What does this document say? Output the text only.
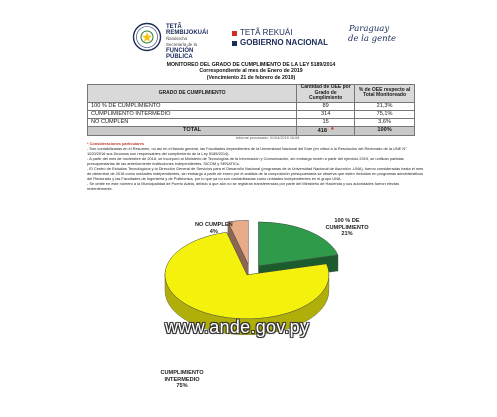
TETÃ
REMBIJOKUÁI
Ñandeicha
Secretaría de la
FUNCIÓN
PÚBLICA
TETÃ REKUÁI
GOBIERNO NACIONAL
Paraguay
de la gente
MONITOREO DEL GRADO DE CUMPLIMIENTO DE LA LEY 5189/2014
Correspondiente al mes de Enero de 2019
(Vencimiento 21 de febrero de 2019)
GRADO DE CUMPLIMIENTO	Cantidad de OEE por Grado de Cumplimiento	% de OEE respecto al Total Monitoreado
100 % DE CUMPLIMIENTO	89	21,3%
CUMPLIMIENTO INTERMEDIO	314	75,1%
NO CUMPLEN	15	3,6%
TOTAL	418 *	100%
Informe procesado: 01/04/2019 16:08

* Consideraciones particulares

- Son contabilizadas en el Resumen, no así en el listado general, las Facultades dependientes de la Universidad Nacional del Este (en virtud a la Resolución del Rectorado de la UNE N° 1020/2016 sus Decanos son responsables del cumplimiento de la Ley 5189/2014).

- A partir del mes de noviembre de 2018, se incorporó al Ministerio de Tecnologías de la Información y Comunicación, sin embargo recién a partir del ejercicio 2019, se unifican partidas presupuestarias de las anteriormente instituciones independientes, SICOM y SENATICs.

- El Centro de Estudios Tecnológicos y la Dirección General de Servicios para el Desarrollo Nacional (programas de la Universidad Nacional de Asunción -UNA), fueron consideradas hasta el mes de diciembre de 2018 como unidades independientes, sin embargo a partir de enero por el análisis de la composición presupuestaria se observa que estén incluidos en programas administrativos del Rectorado y las Facultades de Ingeniería y de Politécnica, por lo que ya no son contabilizadas como unidades independientes en el grupo UNA.

- Se omite en este número a la Municipalidad de Puerto Adela, debido a que aún no se registran transferencias por parte del Ministerio de Hacienda y sus autoridades fueron electas recientemente.

NO CUMPLEN
4%
100 % DE CUMPLIMIENTO
21%
CUMPLIMIENTO INTERMEDIO
75%
www.ande.gov.py
